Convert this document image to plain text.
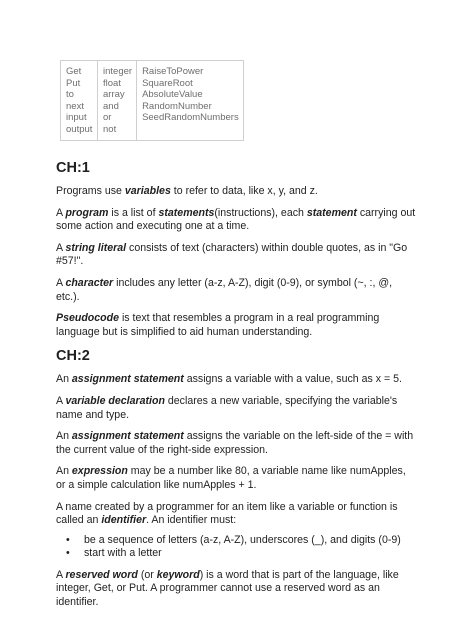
Get
Put
to
next
input
output

integer
float
array
and
or
not

RaiseToPower
SquareRoot
AbsoluteValue
RandomNumber
SeedRandomNumbers
CH:1

Programs use variables to refer to data, like x, y, and z.

A program is a list of statements(instructions), each statement carrying out some action and executing one at a time.

A string literal consists of text (characters) within double quotes, as in "Go #57!".

A character includes any letter (a-z, A-Z), digit (0-9), or symbol (~, :, @, etc.).

Pseudocode is text that resembles a program in a real programming language but is simplified to aid human understanding.

CH:2

An assignment statement assigns a variable with a value, such as x = 5.

A variable declaration declares a new variable, specifying the variable's name and type.

An assignment statement assigns the variable on the left-side of the = with the current value of the right-side expression.

An expression may be a number like 80, a variable name like numApples, or a simple calculation like numApples + 1.

A name created by a programmer for an item like a variable or function is called an identifier. An identifier must:

•	be a sequence of letters (a-z, A-Z), underscores (_), and digits (0-9)
•	start with a letter

A reserved word (or keyword) is a word that is part of the language, like integer, Get, or Put. A programmer cannot use a reserved word as an identifier.
